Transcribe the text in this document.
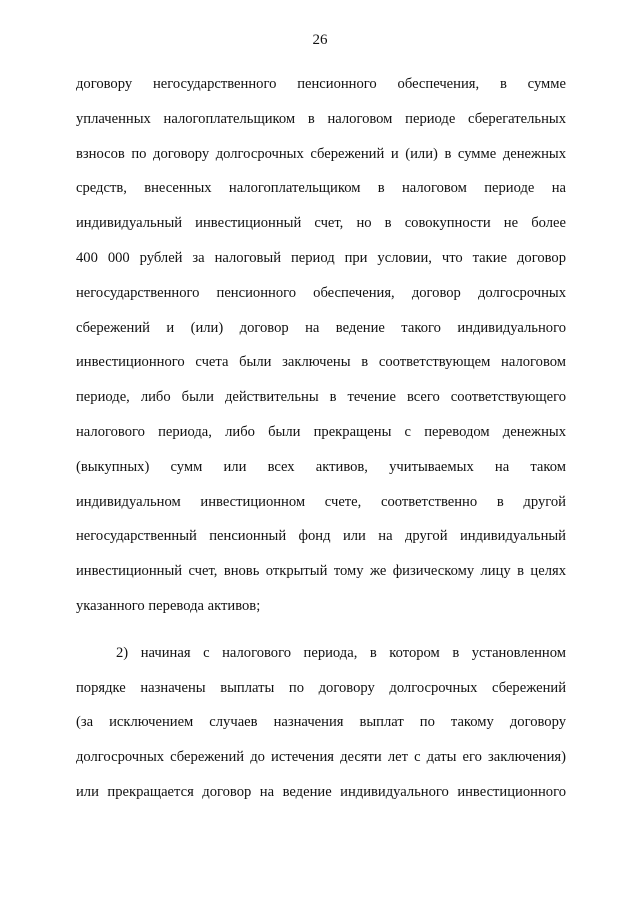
26
договору негосударственного пенсионного обеспечения, в сумме
уплаченных налогоплательщиком в налоговом периоде сберегательных
взносов по договору долгосрочных сбережений и (или) в сумме денежных
средств, внесенных налогоплательщиком в налоговом периоде на
индивидуальный инвестиционный счет, но в совокупности не более
400 000 рублей за налоговый период при условии, что такие договор
негосударственного пенсионного обеспечения, договор долгосрочных
сбережений и (или) договор на ведение такого индивидуального
инвестиционного счета были заключены в соответствующем налоговом
периоде, либо были действительны в течение всего соответствующего
налогового периода, либо были прекращены с переводом денежных
(выкупных) сумм или всех активов, учитываемых на таком
индивидуальном инвестиционном счете, соответственно в другой
негосударственный пенсионный фонд или на другой индивидуальный
инвестиционный счет, вновь открытый тому же физическому лицу в целях
указанного перевода активов;
2) начиная с налогового периода, в котором в установленном
порядке назначены выплаты по договору долгосрочных сбережений
(за исключением случаев назначения выплат по такому договору
долгосрочных сбережений до истечения десяти лет с даты его заключения)
или прекращается договор на ведение индивидуального инвестиционного
